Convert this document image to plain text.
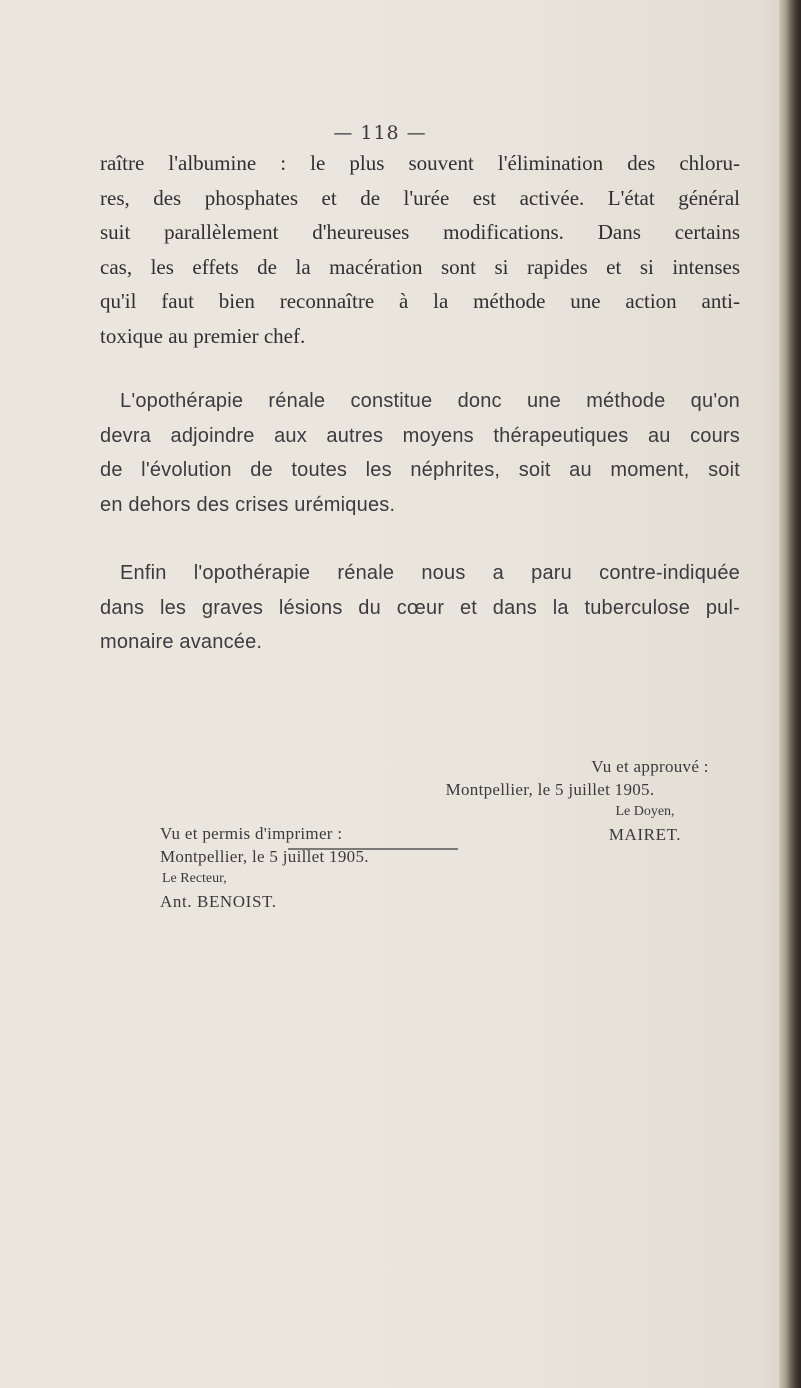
— 118 —

raître l'albumine : le plus souvent l'élimination des chloru-
res, des phosphates et de l'urée est activée. L'état général
suit parallèlement d'heureuses modifications. Dans certains
cas, les effets de la macération sont si rapides et si intenses
qu'il faut bien reconnaître à la méthode une action anti-
toxique au premier chef.

L'opothérapie rénale constitue donc une méthode qu'on
devra adjoindre aux autres moyens thérapeutiques au cours
de l'évolution de toutes les néphrites, soit au moment, soit
en dehors des crises urémiques.

Enfin l'opothérapie rénale nous a paru contre-indiquée
dans les graves lésions du cœur et dans la tuberculose pul-
monaire avancée.

Vu et approuvé :
Montpellier, le 5 juillet 1905.
Le Doyen,
MAIRET.
Vu et permis d'imprimer :
Montpellier, le 5 juillet 1905.
Le Recteur,
Ant. BENOIST.
